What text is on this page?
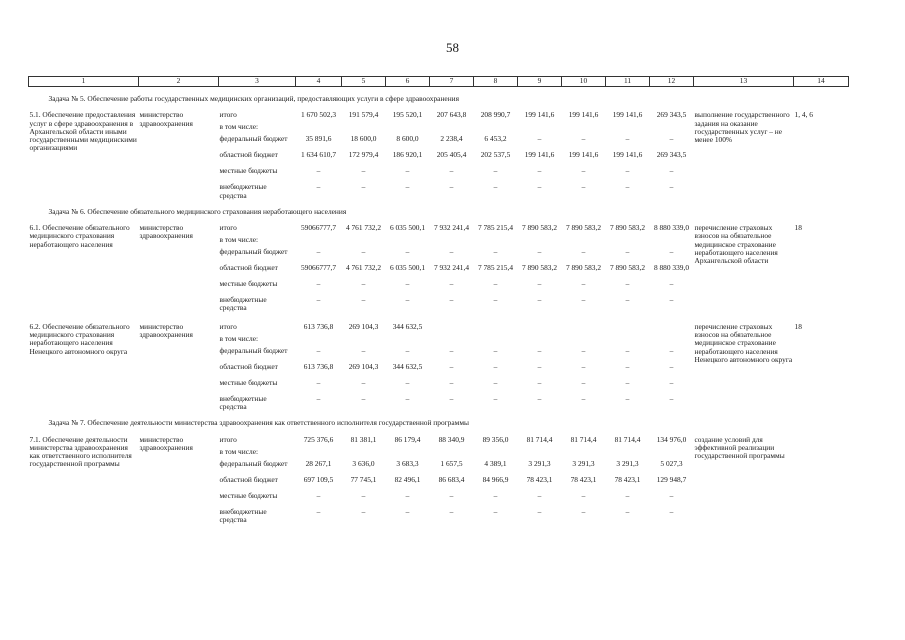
58
1	2	3	4	5	6	7	8	9	10	11	12	13	14
Задача № 5. Обеспечение работы государственных медицинских организаций, предоставляющих услуги в сфере здравоохранения													
5.1. Обеспечение предоставления услуг в сфере здравоохранения в Архангельской области иными государственными медицинскими организациями	министерство здравоохранения	итого	1 670 502,3	191 579,4	195 520,1	207 643,8	208 990,7	199 141,6	199 141,6	199 141,6	269 343,5	выполнение государственного задания на оказание государственных услуг – не менее 100%	1, 4, 6
		в том числе:											
		федеральный бюджет	35 891,6	18 600,0	8 600,0	2 238,4	6 453,2	–	–	–	–		
		областной бюджет	1 634 610,7	172 979,4	186 920,1	205 405,4	202 537,5	199 141,6	199 141,6	199 141,6	269 343,5		
		местные бюджеты	–	–	–	–	–	–	–	–	–		
		внебюджетные средства	–	–	–	–	–	–	–	–	–		
Задача № 6. Обеспечение обязательного медицинского страхования неработающего населения													
6.1. Обеспечение обязательного медицинского страхования неработающего населения	министерство здравоохранения	итого	59066777,7	4 761 732,2	6 035 500,1	7 932 241,4	7 785 215,4	7 890 583,2	7 890 583,2	7 890 583,2	8 880 339,0	перечисление страховых взносов на обязательное медицинское страхование неработающего населения Архангельской области	18
		в том числе:											
		федеральный бюджет	–	–	–	–	–	–	–	–	–		
		областной бюджет	59066777,7	4 761 732,2	6 035 500,1	7 932 241,4	7 785 215,4	7 890 583,2	7 890 583,2	7 890 583,2	8 880 339,0		
		местные бюджеты	–	–	–	–	–	–	–	–	–		
		внебюджетные средства	–	–	–	–	–	–	–	–	–		

6.2. Обеспечение обязательного медицинского страхования неработающего населения Ненецкого автономного округа	министерство здравоохранения	итого	613 736,8	269 104,3	344 632,5							перечисление страховых взносов на обязательное медицинское страхование неработающего населения Ненецкого автономного округа	18
		в том числе:											
		федеральный бюджет	–	–	–	–	–	–	–	–	–		
		областной бюджет	613 736,8	269 104,3	344 632,5	–	–	–	–	–	–		
		местные бюджеты	–	–	–	–	–	–	–	–	–		
		внебюджетные средства	–	–	–	–	–	–	–	–	–		
Задача № 7. Обеспечение деятельности министерства здравоохранения как ответственного исполнителя государственной программы													
7.1. Обеспечение деятельности министерства здравоохранения как ответственного исполнителя государственной программы	министерство здравоохранения	итого	725 376,6	81 381,1	86 179,4	88 340,9	89 356,0	81 714,4	81 714,4	81 714,4	134 976,0	создание условий для эффективной реализации государственной программы	
		в том числе:											
		федеральный бюджет	28 267,1	3 636,0	3 683,3	1 657,5	4 389,1	3 291,3	3 291,3	3 291,3	5 027,3		
		областной бюджет	697 109,5	77 745,1	82 496,1	86 683,4	84 966,9	78 423,1	78 423,1	78 423,1	129 948,7		
		местные бюджеты	–	–	–	–	–	–	–	–	–		
		внебюджетные средства	–	–	–	–	–	–	–	–	–		
